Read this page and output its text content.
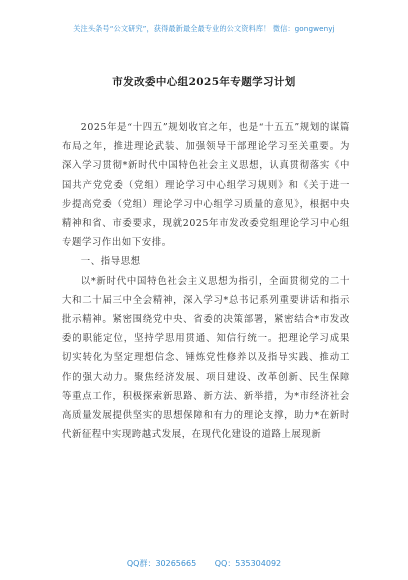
关注头条号“公文研究”，获得最新最全最专业的公文资料库！ 微信：gongwenyj
市发改委中心组2025年专题学习计划

2025年是“十四五”规划收官之年，也是“十五五”规划的谋篇布局之年，推进理论武装、加强领导干部理论学习至关重要。为深入学习贯彻*新时代中国特色社会主义思想，认真贯彻落实《中国共产党党委（党组）理论学习中心组学习规则》和《关于进一步提高党委（党组）理论学习中心组学习质量的意见》，根据中央精神和省、市委要求，现就2025年市发改委党组理论学习中心组专题学习作出如下安排。

一、指导思想

以*新时代中国特色社会主义思想为指引，全面贯彻党的二十大和二十届三中全会精神，深入学习*总书记系列重要讲话和指示批示精神。紧密围绕党中央、省委的决策部署，紧密结合*市发改委的职能定位，坚持学思用贯通、知信行统一。把理论学习成果切实转化为坚定理想信念、锤炼党性修养以及指导实践、推动工作的强大动力。聚焦经济发展、项目建设、改革创新、民生保障等重点工作，积极探索新思路、新方法、新举措，为*市经济社会高质量发展提供坚实的思想保障和有力的理论支撑，助力*在新时代新征程中实现跨越式发展，在现代化建设的道路上展现新

QQ群：30265665 QQ：535304092
